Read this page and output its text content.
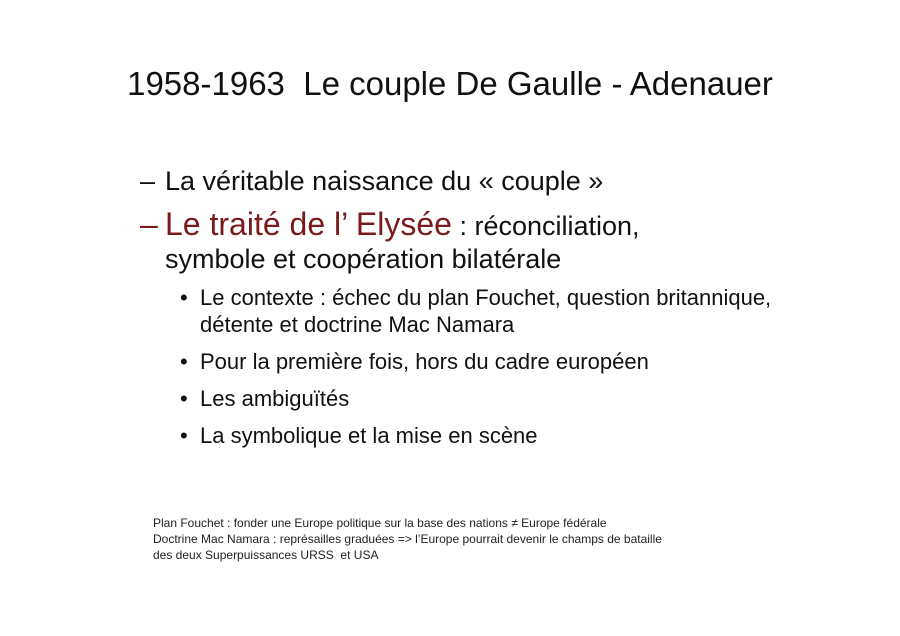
1958-1963  Le couple De Gaulle - Adenauer
– La véritable naissance du « couple »
– Le traité de l’ Elysée : réconciliation,
symbole et coopération bilatérale
• Le contexte : échec du plan Fouchet, question britannique, détente et doctrine Mac Namara
• Pour la première fois, hors du cadre européen
• Les ambiguïtés
• La symbolique et la mise en scène
Plan Fouchet : fonder une Europe politique sur la base des nations ≠ Europe fédérale
Doctrine Mac Namara : représailles graduées => l’Europe pourrait devenir le champs de bataille
des deux Superpuissances URSS  et USA
